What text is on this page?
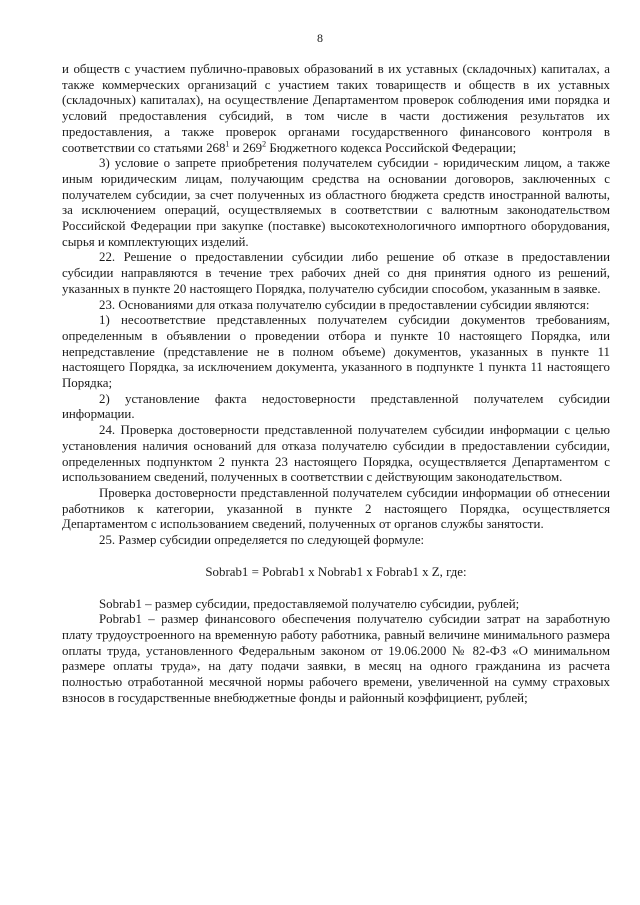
8

и обществ с участием публично-правовых образований в их уставных (складочных) капиталах, а также коммерческих организаций с участием таких товариществ и обществ в их уставных (складочных) капиталах), на осуществление Департаментом проверок соблюдения ими порядка и условий предоставления субсидий, в том числе в части достижения результатов их предоставления, а также проверок органами государственного финансового контроля в соответствии со статьями $268^1$ и $269^2$ Бюджетного кодекса Российской Федерации;

3) условие о запрете приобретения получателем субсидии - юридическим лицом, а также иным юридическим лицам, получающим средства на основании договоров, заключенных с получателем субсидии, за счет полученных из областного бюджета средств иностранной валюты, за исключением операций, осуществляемых в соответствии с валютным законодательством Российской Федерации при закупке (поставке) высокотехнологичного импортного оборудования, сырья и комплектующих изделий.

22. Решение о предоставлении субсидии либо решение об отказе в предоставлении субсидии направляются в течение трех рабочих дней со дня принятия одного из решений, указанных в пункте 20 настоящего Порядка, получателю субсидии способом, указанным в заявке.

23. Основаниями для отказа получателю субсидии в предоставлении субсидии являются:

1) несоответствие представленных получателем субсидии документов требованиям, определенным в объявлении о проведении отбора и пункте 10 настоящего Порядка, или непредставление (представление не в полном объеме) документов, указанных в пункте 11 настоящего Порядка, за исключением документа, указанного в подпункте 1 пункта 11 настоящего Порядка;

2) установление факта недостоверности представленной получателем субсидии информации.

24. Проверка достоверности представленной получателем субсидии информации с целью установления наличия оснований для отказа получателю субсидии в предоставлении субсидии, определенных подпунктом 2 пункта 23 настоящего Порядка, осуществляется Департаментом с использованием сведений, полученных в соответствии с действующим законодательством.

Проверка достоверности представленной получателем субсидии информации об отнесении работников к категории, указанной в пункте 2 настоящего Порядка, осуществляется Департаментом с использованием сведений, полученных от органов службы занятости.

25. Размер субсидии определяется по следующей формуле:

Sobrab1 = Pobrab1 x Nobrab1 x Fobrab1 x Z, где:

Sobrab1 – размер субсидии, предоставляемой получателю субсидии, рублей;

Pobrab1 – размер финансового обеспечения получателю субсидии затрат на заработную плату трудоустроенного на временную работу работника, равный величине минимального размера оплаты труда, установленного Федеральным законом от 19.06.2000 № 82-ФЗ «О минимальном размере оплаты труда», на дату подачи заявки, в месяц на одного гражданина из расчета полностью отработанной месячной нормы рабочего времени, увеличенной на сумму страховых взносов в государственные внебюджетные фонды и районный коэффициент, рублей;
